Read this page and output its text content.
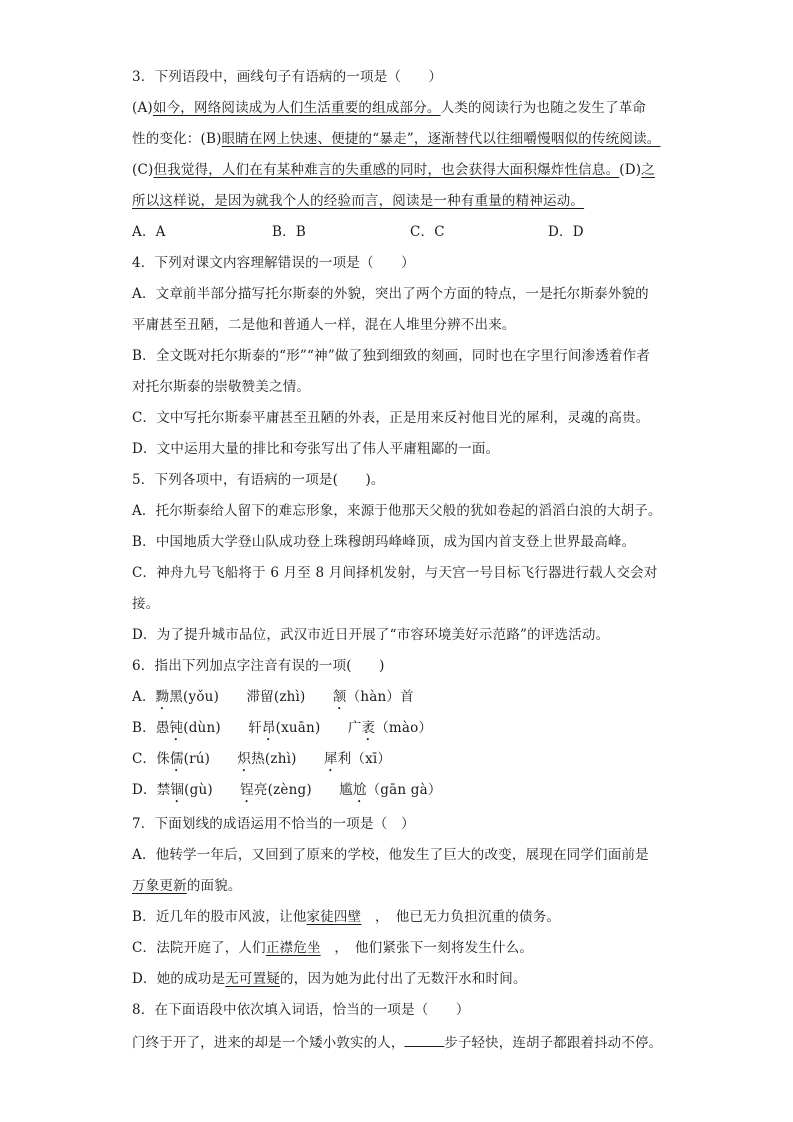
3．下列语段中，画线句子有语病的一项是（　　）
(A)如今，网络阅读成为人们生活重要的组成部分。人类的阅读行为也随之发生了革命
性的变化：(B)眼睛在网上快速、便捷的“暴走”，逐渐替代以往细嚼慢咽似的传统阅读。
(C)但我觉得，人们在有某种难言的失重感的同时，也会获得大面积爆炸性信息。(D)之
所以这样说，是因为就我个人的经验而言，阅读是一种有重量的精神运动。
A．A	B．B	C．C	D．D
4．下列对课文内容理解错误的一项是（　　）
A．文章前半部分描写托尔斯泰的外貌，突出了两个方面的特点，一是托尔斯泰外貌的
平庸甚至丑陋，二是他和普通人一样，混在人堆里分辨不出来。
B．全文既对托尔斯泰的“形”“神”做了独到细致的刻画，同时也在字里行间渗透着作者
对托尔斯泰的崇敬赞美之情。
C．文中写托尔斯泰平庸甚至丑陋的外表，正是用来反衬他目光的犀利，灵魂的高贵。
D．文中运用大量的排比和夸张写出了伟人平庸粗鄙的一面。
5．下列各项中，有语病的一项是(　　)。
A．托尔斯泰给人留下的难忘形象，来源于他那天父般的犹如卷起的滔滔白浪的大胡子。
B．中国地质大学登山队成功登上珠穆朗玛峰峰顶，成为国内首支登上世界最高峰。
C．神舟九号飞船将于 6 月至 8 月间择机发射，与天宫一号目标飞行器进行载人交会对
接。
D．为了提升城市品位，武汉市近日开展了“市容环境美好示范路”的评选活动。
6．指出下列加点字注音有误的一项(　　)
A．黝黑(yǒu)　　 滞留(zhì)　　 颔（hàn）首
B．愚钝(dùn)　　 轩昂(xuān)　　 广袤（mào）
C．侏儒(rú)　　 炽热(zhì)　　 犀利（xī）
D．禁锢(gù)　　 锃亮(zèng)　　 尴尬（gān gà）
7．下面划线的成语运用不恰当的一项是（　）
A．他转学一年后，又回到了原来的学校，他发生了巨大的改变，展现在同学们面前是
万象更新的面貌。
B．近几年的股市风波，让他家徒四壁　，　他已无力负担沉重的债务。
C．法院开庭了，人们正襟危坐　，　他们紧张下一刻将发生什么。
D．她的成功是无可置疑的，因为她为此付出了无数汗水和时间。
8．在下面语段中依次填入词语，恰当的一项是（　　）
门终于开了，进来的却是一个矮小敦实的人，	步子轻快，连胡子都跟着抖动不停。
